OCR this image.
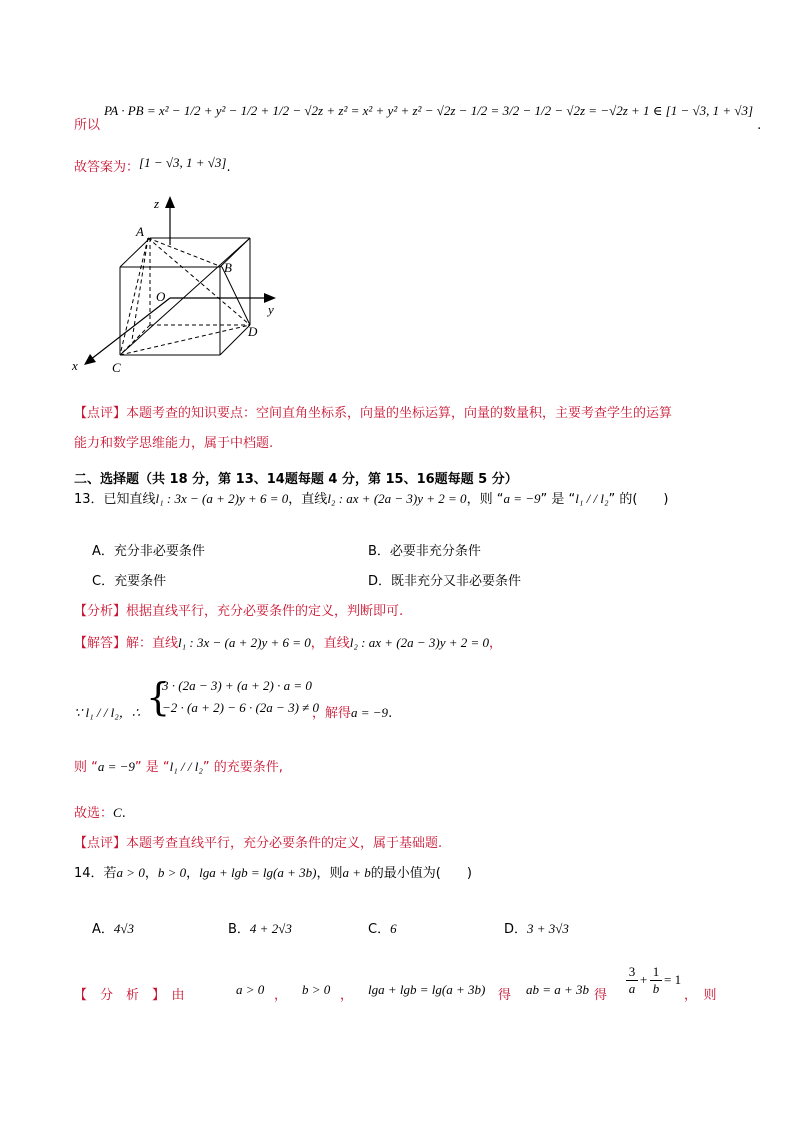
$_{所以}$PA · PB = x² − 1/2 + y² − 1/2 + 1/2 − √2z + z² = x² + y² + z² − √2z − 1/2 = 3/2 − 1/2 − √2z = −√2z + 1 ∈ [1 − √3, $1 + √3]_.$
故答案为：[1 − √3, 1 + √3].
z
y
x
A
B
O
D
C
【点评】本题考查的知识要点：空间直角坐标系，向量的坐标运算，向量的数量积，主要考查学生的运算
能力和数学思维能力，属于中档题.
二、选择题（共 18 分，第 13、14题每题 4 分，第 15、16题每题 5 分）
13．已知直线l₁ : 3x − (a + 2)y + 6 = 0，直线l₂ : ax + (2a − 3)y + 2 = 0，则 “a = −9” 是 “l₁ / / l₂” 的(　　)
A．充分非必要条件	B．必要非充分条件
C．充要条件	D．既非充分又非必要条件
【分析】根据直线平行，充分必要条件的定义，判断即可.
【解答】解：直线l₁ : 3x − (a + 2)y + 6 = 0，直线l₂ : ax + (2a − 3)y + 2 = 0，
∵ l₁ / / l₂，∴ {
3 · (2a − 3) + (a + 2) · a = 0
−2 · (a + 2) − 6 · (2a − 3) ≠ 0
，解得a = −9.
则 “a = −9” 是 “l₁ / / l₂” 的充要条件,
故选：C.
【点评】本题考查直线平行，充分必要条件的定义，属于基础题.
14．若a > 0，b > 0，lga + lgb = lg(a + 3b)，则a + b的最小值为(　　)
A．4√3	B．4 + 2√3	C．6	D．3 + 3√3
【　分　析　】　由	a > 0 ， b > 0 ， lga + lgb = lg(a + 3b) 得 ab = a + 3b 得 $\frac{3}{a} + \frac{1}{b} = 1$
，　则
